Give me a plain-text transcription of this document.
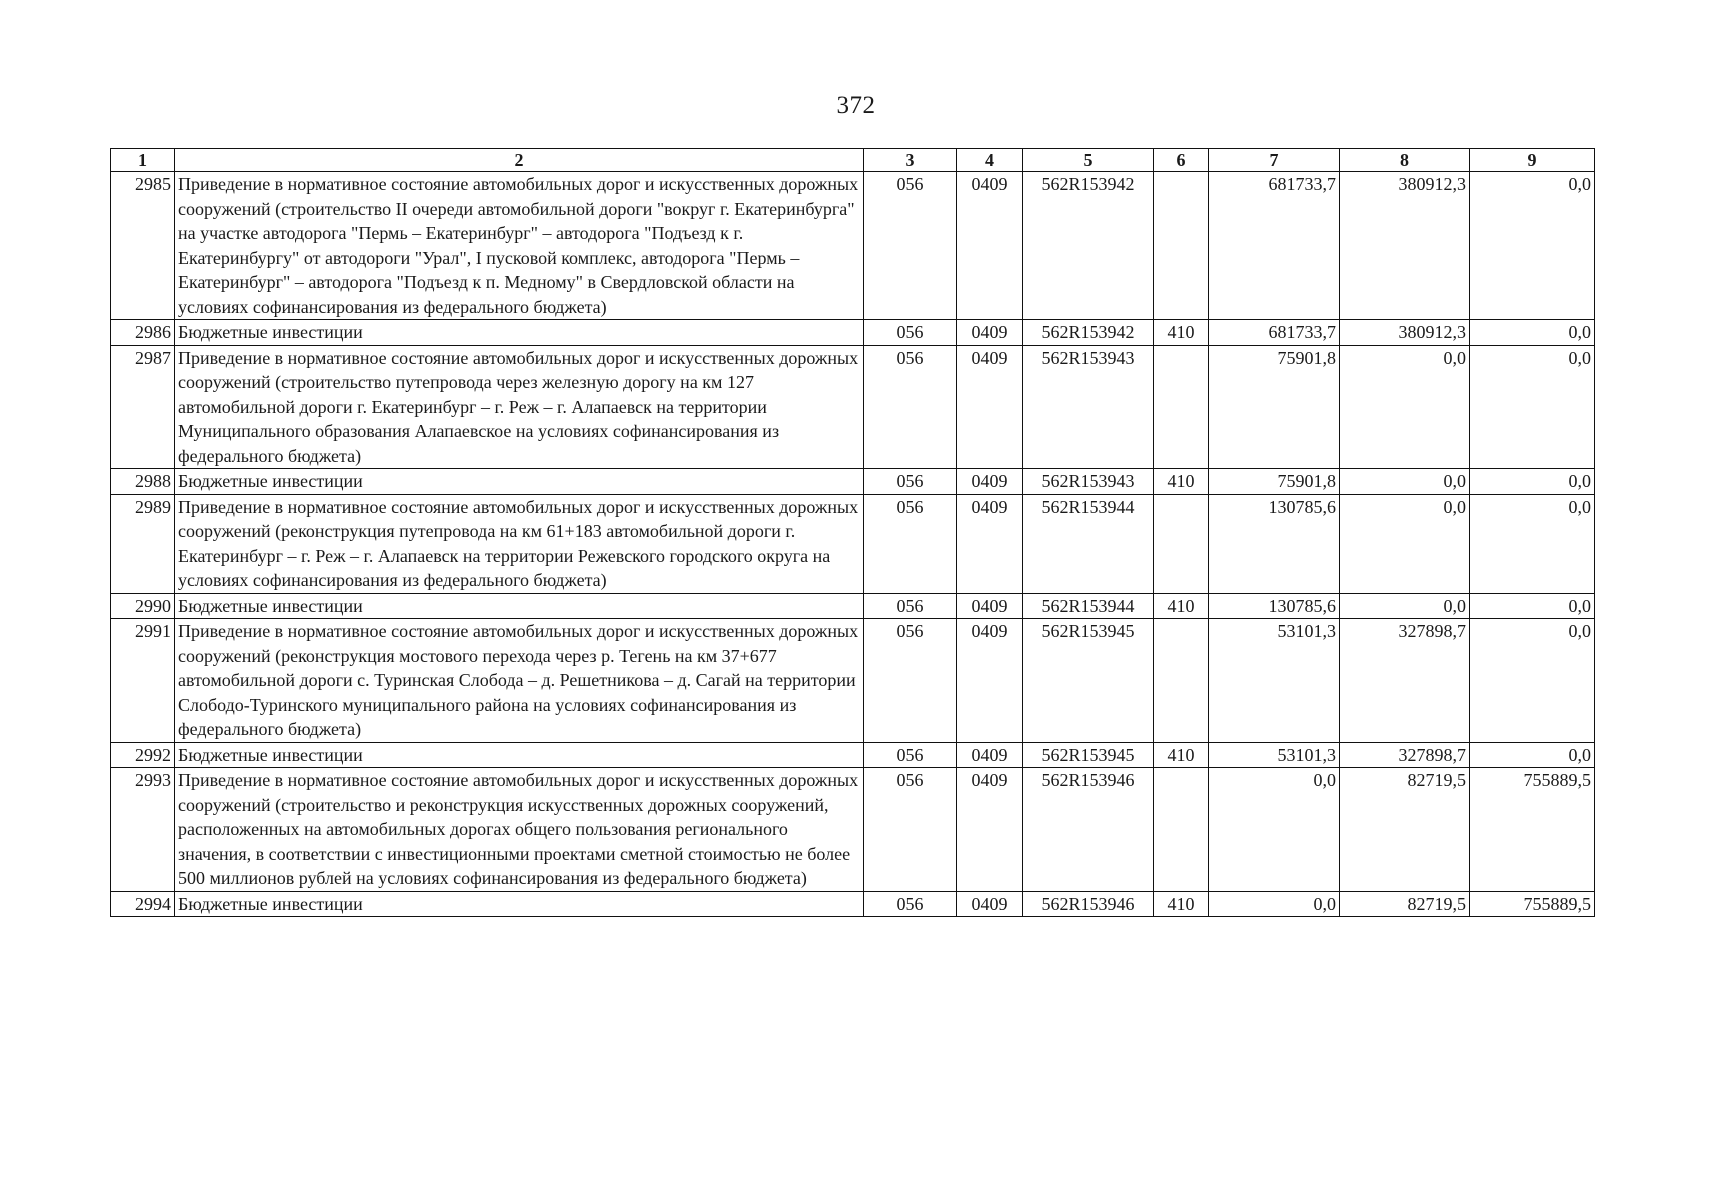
372
1	2	3	4	5	6	7	8	9
2985	Приведение в нормативное состояние автомобильных дорог и искусственных дорожных сооружений (строительство II очереди автомобильной дороги "вокруг г. Екатеринбурга" на участке автодорога "Пермь – Екатеринбург" – автодорога "Подъезд к г. Екатеринбургу" от автодороги "Урал", I пусковой комплекс, автодорога "Пермь – Екатеринбург" – автодорога "Подъезд к п. Медному" в Свердловской области на условиях софинансирования из федерального бюджета)	056	0409	562R153942		681733,7	380912,3	0,0
2986	Бюджетные инвестиции	056	0409	562R153942	410	681733,7	380912,3	0,0
2987	Приведение в нормативное состояние автомобильных дорог и искусственных дорожных сооружений (строительство путепровода через железную дорогу на км 127 автомобильной дороги г. Екатеринбург – г. Реж – г. Алапаевск на территории Муниципального образования Алапаевское на условиях софинансирования из федерального бюджета)	056	0409	562R153943		75901,8	0,0	0,0
2988	Бюджетные инвестиции	056	0409	562R153943	410	75901,8	0,0	0,0
2989	Приведение в нормативное состояние автомобильных дорог и искусственных дорожных сооружений (реконструкция путепровода на км 61+183 автомобильной дороги г. Екатеринбург – г. Реж – г. Алапаевск на территории Режевского городского округа на условиях софинансирования из федерального бюджета)	056	0409	562R153944		130785,6	0,0	0,0
2990	Бюджетные инвестиции	056	0409	562R153944	410	130785,6	0,0	0,0
2991	Приведение в нормативное состояние автомобильных дорог и искусственных дорожных сооружений (реконструкция мостового перехода через р. Тегень на км 37+677 автомобильной дороги с. Туринская Слобода – д. Решетникова – д. Сагай на территории Слободо-Туринского муниципального района на условиях софинансирования из федерального бюджета)	056	0409	562R153945		53101,3	327898,7	0,0
2992	Бюджетные инвестиции	056	0409	562R153945	410	53101,3	327898,7	0,0
2993	Приведение в нормативное состояние автомобильных дорог и искусственных дорожных сооружений (строительство и реконструкция искусственных дорожных сооружений, расположенных на автомобильных дорогах общего пользования регионального значения, в соответствии с инвестиционными проектами сметной стоимостью не более 500 миллионов рублей на условиях софинансирования из федерального бюджета)	056	0409	562R153946		0,0	82719,5	755889,5
2994	Бюджетные инвестиции	056	0409	562R153946	410	0,0	82719,5	755889,5
